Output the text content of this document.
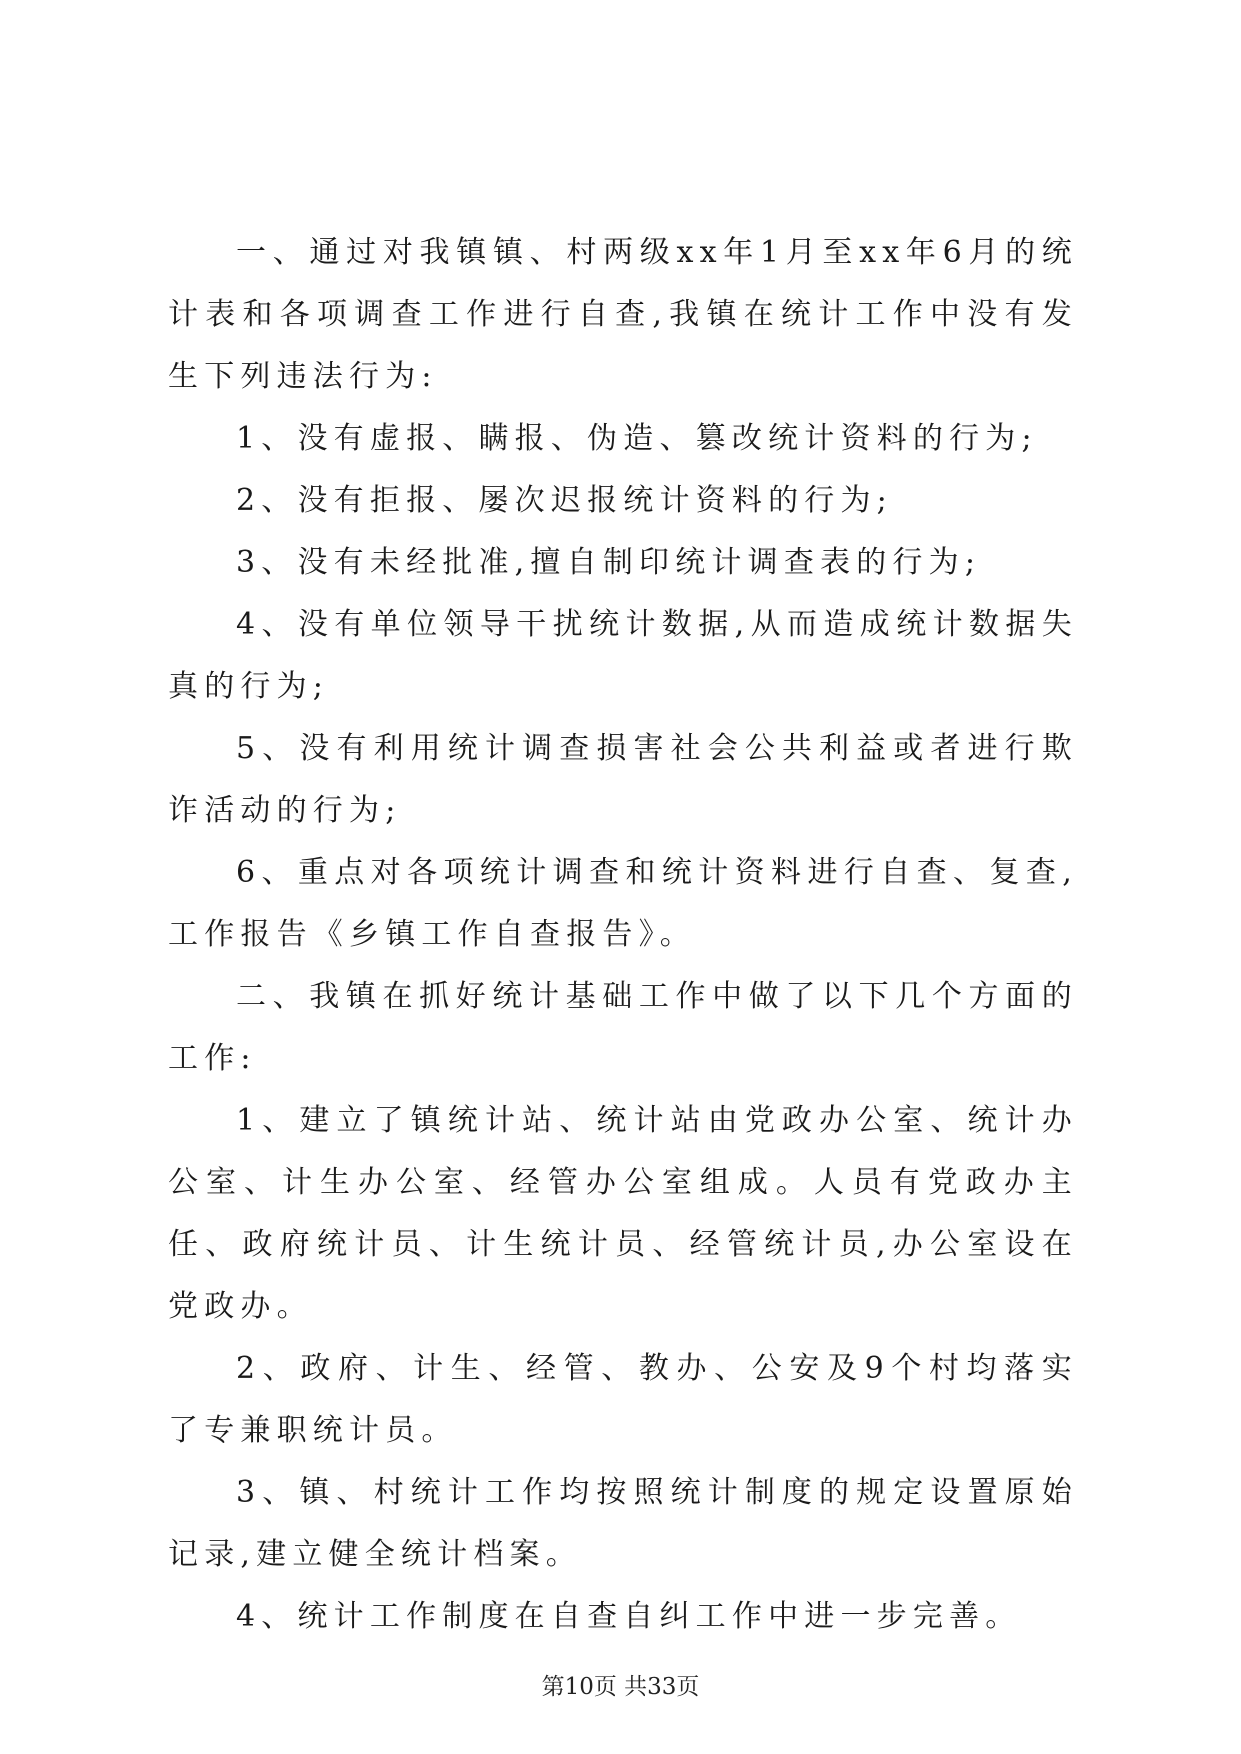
一、通过对我镇镇、村两级xx年1月至xx年6月的统计表和各项调查工作进行自查,我镇在统计工作中没有发生下列违法行为:

1、没有虚报、瞒报、伪造、篡改统计资料的行为;

2、没有拒报、屡次迟报统计资料的行为;

3、没有未经批准,擅自制印统计调查表的行为;

4、没有单位领导干扰统计数据,从而造成统计数据失真的行为;

5、没有利用统计调查损害社会公共利益或者进行欺诈活动的行为;

6、重点对各项统计调查和统计资料进行自查、复查,工作报告《乡镇工作自查报告》。

二、我镇在抓好统计基础工作中做了以下几个方面的工作:

1、建立了镇统计站、统计站由党政办公室、统计办公室、计生办公室、经管办公室组成。人员有党政办主任、政府统计员、计生统计员、经管统计员,办公室设在党政办。

2、政府、计生、经管、教办、公安及9个村均落实了专兼职统计员。

3、镇、村统计工作均按照统计制度的规定设置原始记录,建立健全统计档案。

4、统计工作制度在自查自纠工作中进一步完善。

第10页 共33页
